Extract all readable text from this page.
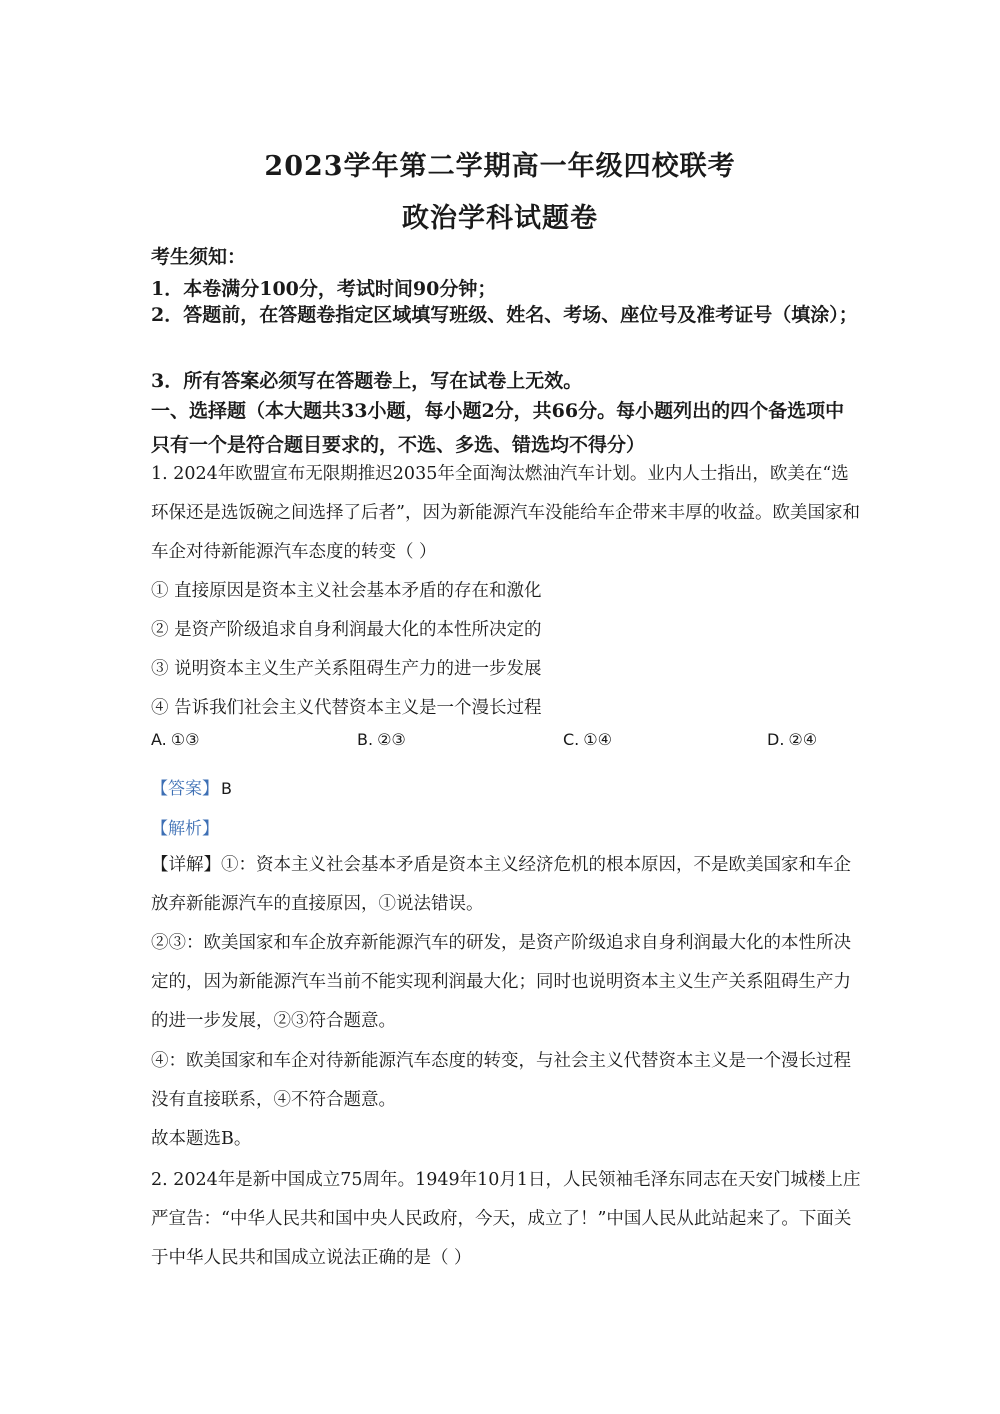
2023学年第二学期高一年级四校联考
政治学科试题卷
考生须知：
1．本卷满分100分，考试时间90分钟；
2．答题前，在答题卷指定区域填写班级、姓名、考场、座位号及准考证号（填涂）；
3．所有答案必须写在答题卷上，写在试卷上无效。
一、选择题（本大题共33小题，每小题2分，共66分。每小题列出的四个备选项中只有一个是符合题目要求的，不选、多选、错选均不得分）
1. 2024年欧盟宣布无限期推迟2035年全面淘汰燃油汽车计划。业内人士指出，欧美在“选环保还是选饭碗之间选择了后者”，因为新能源汽车没能给车企带来丰厚的收益。欧美国家和车企对待新能源汽车态度的转变（ ）
① 直接原因是资本主义社会基本矛盾的存在和激化
② 是资产阶级追求自身利润最大化的本性所决定的
③ 说明资本主义生产关系阻碍生产力的进一步发展
④ 告诉我们社会主义代替资本主义是一个漫长过程
A. ①③	B. ②③	C. ①④	D. ②④
【答案】 B
【解析】
【详解】①：资本主义社会基本矛盾是资本主义经济危机的根本原因，不是欧美国家和车企放弃新能源汽车的直接原因，①说法错误。
②③：欧美国家和车企放弃新能源汽车的研发，是资产阶级追求自身利润最大化的本性所决定的，因为新能源汽车当前不能实现利润最大化；同时也说明资本主义生产关系阻碍生产力的进一步发展，②③符合题意。
④：欧美国家和车企对待新能源汽车态度的转变，与社会主义代替资本主义是一个漫长过程没有直接联系，④不符合题意。
故本题选B。
2. 2024年是新中国成立75周年。1949年10月1日，人民领袖毛泽东同志在天安门城楼上庄严宣告：“中华人民共和国中央人民政府，今天，成立了！”中国人民从此站起来了。下面关于中华人民共和国成立说法正确的是（ ）
